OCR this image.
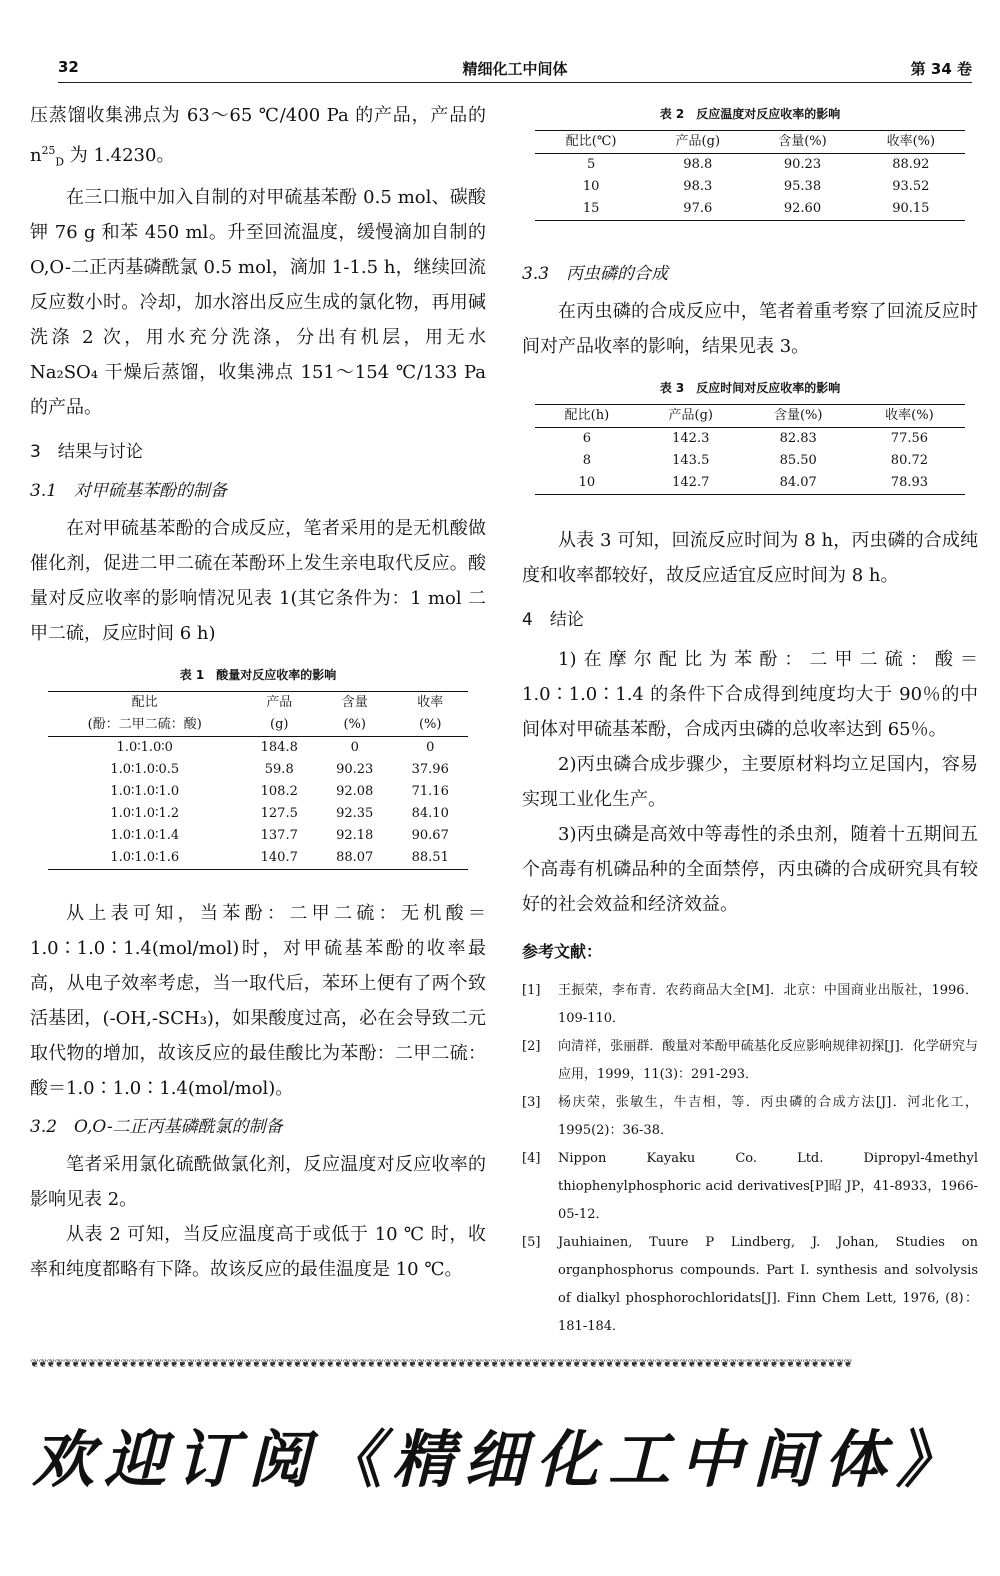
32	精细化工中间体	第 34 卷

压蒸馏收集沸点为 63～65 ℃/400 Pa 的产品，产品的 $n^{25}_D$ 为 1.4230。

在三口瓶中加入自制的对甲硫基苯酚 0.5 mol、碳酸钾 76 g 和苯 450 ml。升至回流温度，缓慢滴加自制的 O,O-二正丙基磷酰氯 0.5 mol，滴加 1-1.5 h，继续回流反应数小时。冷却，加水溶出反应生成的氯化物，再用碱洗涤 2 次，用水充分洗涤，分出有机层，用无水 Na₂SO₄ 干燥后蒸馏，收集沸点 151～154 ℃/133 Pa 的产品。

3　结果与讨论
3.1　对甲硫基苯酚的制备

在对甲硫基苯酚的合成反应，笔者采用的是无机酸做催化剂，促进二甲二硫在苯酚环上发生亲电取代反应。酸量对反应收率的影响情况见表 1(其它条件为：1 mol 二甲二硫，反应时间 6 h)

表 1　酸量对反应收率的影响
配比	产品	含量	收率
(酚：二甲二硫：酸)	(g)	(%)	(%)
1.0∶1.0∶0	184.8	0	0
1.0∶1.0∶0.5	59.8	90.23	37.96
1.0∶1.0∶1.0	108.2	92.08	71.16
1.0∶1.0∶1.2	127.5	92.35	84.10
1.0∶1.0∶1.4	137.7	92.18	90.67
1.0∶1.0∶1.6	140.7	88.07	88.51

从上表可知，当苯酚：二甲二硫：无机酸＝1.0∶1.0∶1.4(mol/mol)时，对甲硫基苯酚的收率最高，从电子效率考虑，当一取代后，苯环上便有了两个致活基团，(-OH,-SCH₃)，如果酸度过高，必在会导致二元取代物的增加，故该反应的最佳酸比为苯酚：二甲二硫：酸＝1.0∶1.0∶1.4(mol/mol)。

3.2　O,O-二正丙基磷酰氯的制备

笔者采用氯化硫酰做氯化剂，反应温度对反应收率的影响见表 2。

从表 2 可知，当反应温度高于或低于 10 ℃ 时，收率和纯度都略有下降。故该反应的最佳温度是 10 ℃。

表 2　反应温度对反应收率的影响
配比(℃)	产品(g)	含量(%)	收率(%)
5	98.8	90.23	88.92
10	98.3	95.38	93.52
15	97.6	92.60	90.15
3.3　丙虫磷的合成

在丙虫磷的合成反应中，笔者着重考察了回流反应时间对产品收率的影响，结果见表 3。

表 3　反应时间对反应收率的影响
配比(h)	产品(g)	含量(%)	收率(%)
6	142.3	82.83	77.56
8	143.5	85.50	80.72
10	142.7	84.07	78.93

从表 3 可知，回流反应时间为 8 h，丙虫磷的合成纯度和收率都较好，故反应适宜反应时间为 8 h。

4　结论

1)在摩尔配比为苯酚：二甲二硫：酸＝1.0∶1.0∶1.4 的条件下合成得到纯度均大于 90％的中间体对甲硫基苯酚，合成丙虫磷的总收率达到 65％。

2)丙虫磷合成步骤少，主要原材料均立足国内，容易实现工业化生产。

3)丙虫磷是高效中等毒性的杀虫剂，随着十五期间五个高毒有机磷品种的全面禁停，丙虫磷的合成研究具有较好的社会效益和经济效益。

参考文献：
[1]	王振荣，李布青．农药商品大全[M]．北京：中国商业出版社，1996．109-110．
[2]	向清祥，张丽群．酸量对苯酚甲硫基化反应影响规律初探[J]．化学研究与应用，1999，11(3)：291-293．
[3]	杨庆荣，张敏生，牛吉相，等．丙虫磷的合成方法[J]．河北化工，1995(2)：36-38．
[4]	Nippon Kayaku Co. Ltd. Dipropyl-4methyl thiophenylphosphoric acid derivatives[P]昭 JP，41-8933，1966-05-12．
[5]	Jauhiainen, Tuure P Lindberg, J. Johan, Studies on organphosphorus compounds. Part I. synthesis and solvolysis of dialkyl phosphorochloridats[J]. Finn Chem Lett, 1976, (8)：181-184．
❦❦❦❦❦❦❦❦❦❦❦❦❦❦❦❦❦❦❦❦❦❦❦❦❦❦❦❦❦❦❦❦❦❦❦❦❦❦❦❦❦❦❦❦❦❦❦❦❦❦❦❦❦❦❦❦❦❦❦❦❦❦❦❦❦❦❦❦❦❦❦❦❦❦❦❦❦❦❦❦❦❦❦❦❦❦❦❦❦❦❦❦❦❦❦❦❦❦❦❦
欢迎订阅《精细化工中间体》
